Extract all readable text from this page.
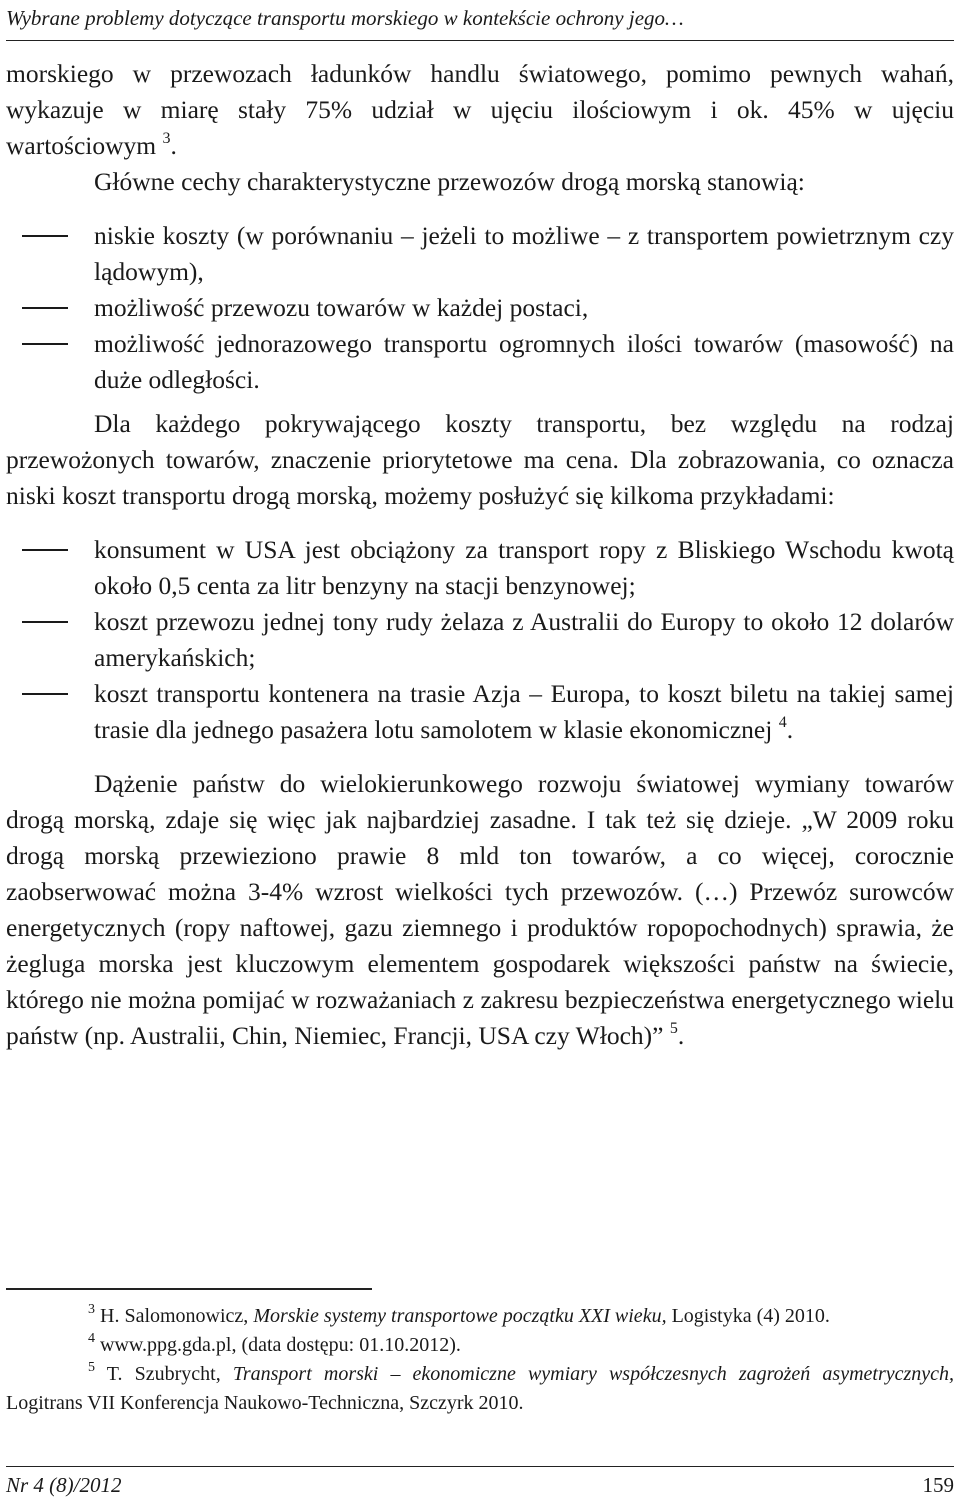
Wybrane problemy dotyczące transportu morskiego w kontekście ochrony jego…

morskiego w przewozach ładunków handlu światowego, pomimo pewnych wahań, wykazuje w miarę stały 75% udział w ujęciu ilościowym i ok. 45% w ujęciu wartościowym $^3$.

Główne cechy charakterystyczne przewozów drogą morską stanowią:

niskie koszty (w porównaniu – jeżeli to możliwe – z transportem powietrznym czy lądowym),
możliwość przewozu towarów w każdej postaci,
możliwość jednorazowego transportu ogromnych ilości towarów (masowość) na duże odległości.

Dla każdego pokrywającego koszty transportu, bez względu na rodzaj przewożonych towarów, znaczenie priorytetowe ma cena. Dla zobrazowania, co oznacza niski koszt transportu drogą morską, możemy posłużyć się kilkoma przykładami:

konsument w USA jest obciążony za transport ropy z Bliskiego Wschodu kwotą około 0,5 centa za litr benzyny na stacji benzynowej;
koszt przewozu jednej tony rudy żelaza z Australii do Europy to około 12 dolarów amerykańskich;
koszt transportu kontenera na trasie Azja – Europa, to koszt biletu na takiej samej trasie dla jednego pasażera lotu samolotem w klasie ekonomicznej $^4$.

Dążenie państw do wielokierunkowego rozwoju światowej wymiany towarów drogą morską, zdaje się więc jak najbardziej zasadne. I tak też się dzieje. „W 2009 roku drogą morską przewieziono prawie 8 mld ton towarów, a co więcej, corocznie zaobserwować można 3-4% wzrost wielkości tych przewozów. (…) Przewóz surowców energetycznych (ropy naftowej, gazu ziemnego i produktów ropopochodnych) sprawia, że żegluga morska jest kluczowym elementem gospodarek większości państw na świecie, którego nie można pomijać w rozważaniach z zakresu bezpieczeństwa energetycznego wielu państw (np. Australii, Chin, Niemiec, Francji, USA czy Włoch)” $^5$.

$^3$ H. Salomonowicz, Morskie systemy transportowe początku XXI wieku, Logistyka (4) 2010.

$^4$ www.ppg.gda.pl, (data dostępu: 01.10.2012).

$^5$ T. Szubrycht, Transport morski – ekonomiczne wymiary współczesnych zagrożeń asymetrycznych, Logitrans VII Konferencja Naukowo-Techniczna, Szczyrk 2010.

Nr 4 (8)/2012	159
